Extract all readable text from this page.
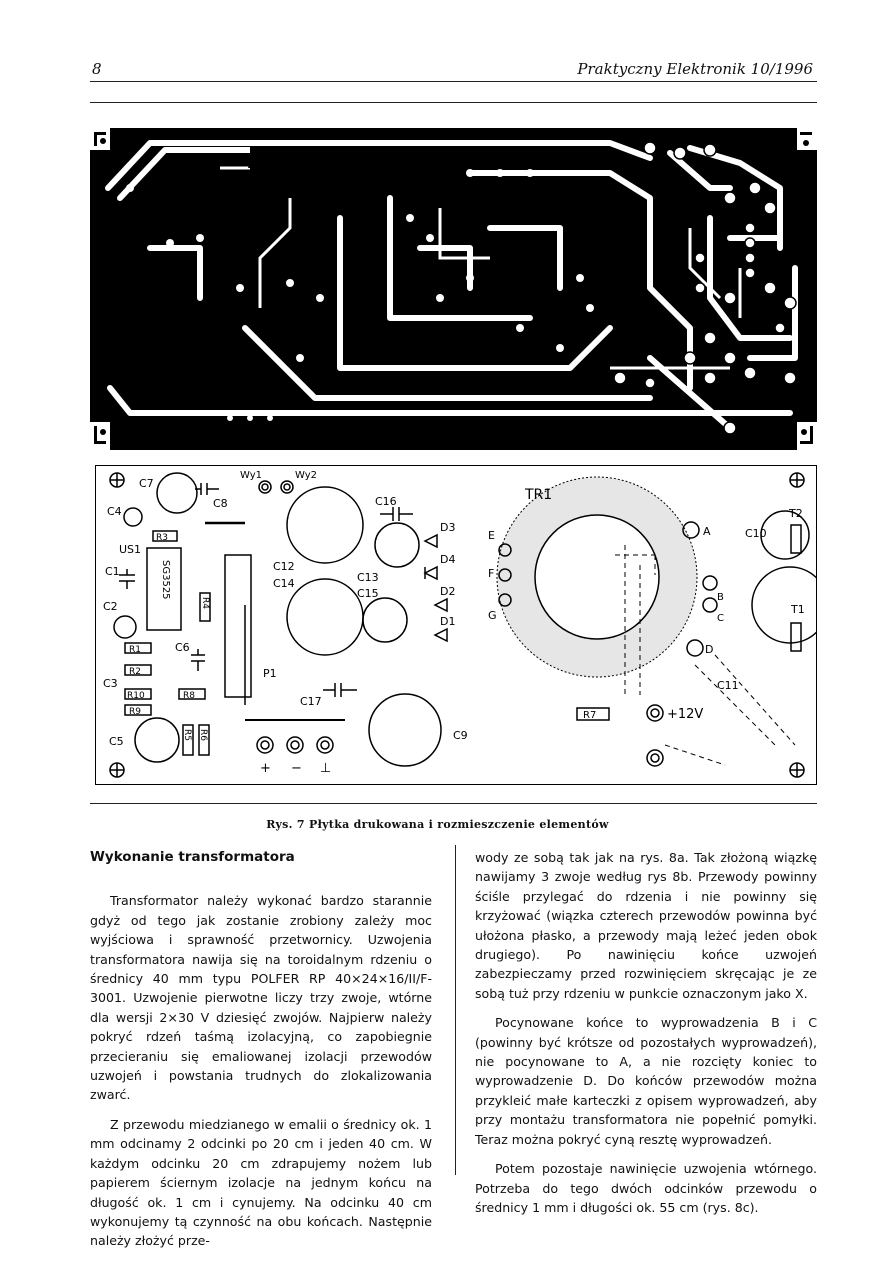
8	Praktyczny Elektronik 10/1996
ARTKELE
292
C7
C4
C8
Wy1	Wy2
R3
US1
SG3525
C1
C2	R4
C12
C14	C13
C15
C16
D3
D4
D2
D1
E
F
G
TR1
A
B
C
D
C10
C11
T1
T2
R1	C6
R2
C3
R10	R8
R9
P1
C17
C5
R5 R6	C9
R7	+12V
+ − ⊥
Rys. 7 Płytka drukowana i rozmieszczenie elementów
Wykonanie transformatora

Transformator należy wykonać bardzo starannie gdyż od tego jak zostanie zrobiony zależy moc wyjściowa i sprawność przetwornicy. Uzwojenia transformatora nawija się na toroidalnym rdzeniu o średnicy 40 mm typu POLFER RP 40×24×16/II/F-3001. Uzwojenie pierwotne liczy trzy zwoje, wtórne dla wersji 2×30 V dziesięć zwojów. Najpierw należy pokryć rdzeń taśmą izolacyjną, co zapobiegnie przecieraniu się emaliowanej izolacji przewodów uzwojeń i powstania trudnych do zlokalizowania zwarć.

Z przewodu miedzianego w emalii o średnicy ok. 1 mm odcinamy 2 odcinki po 20 cm i jeden 40 cm. W każdym odcinku 20 cm zdrapujemy nożem lub papierem ściernym izolacje na jednym końcu na długość ok. 1 cm i cynujemy. Na odcinku 40 cm wykonujemy tą czynność na obu końcach. Następnie należy złożyć prze-

wody ze sobą tak jak na rys. 8a. Tak złożoną wiązkę nawijamy 3 zwoje według rys 8b. Przewody powinny ściśle przylegać do rdzenia i nie powinny się krzyżować (wiązka czterech przewodów powinna być ułożona płasko, a przewody mają leżeć jeden obok drugiego). Po nawinięciu końce uzwojeń zabezpieczamy przed rozwinięciem skręcając je ze sobą tuż przy rdzeniu w punkcie oznaczonym jako X.

Pocynowane końce to wyprowadzenia B i C (powinny być krótsze od pozostałych wyprowadzeń), nie pocynowane to A, a nie rozcięty koniec to wyprowadzenie D. Do końców przewodów można przykleić małe karteczki z opisem wyprowadzeń, aby przy montażu transformatora nie popełnić pomyłki. Teraz można pokryć cyną resztę wyprowadzeń.

Potem pozostaje nawinięcie uzwojenia wtórnego. Potrzeba do tego dwóch odcinków przewodu o średnicy 1 mm i długości ok. 55 cm (rys. 8c).
